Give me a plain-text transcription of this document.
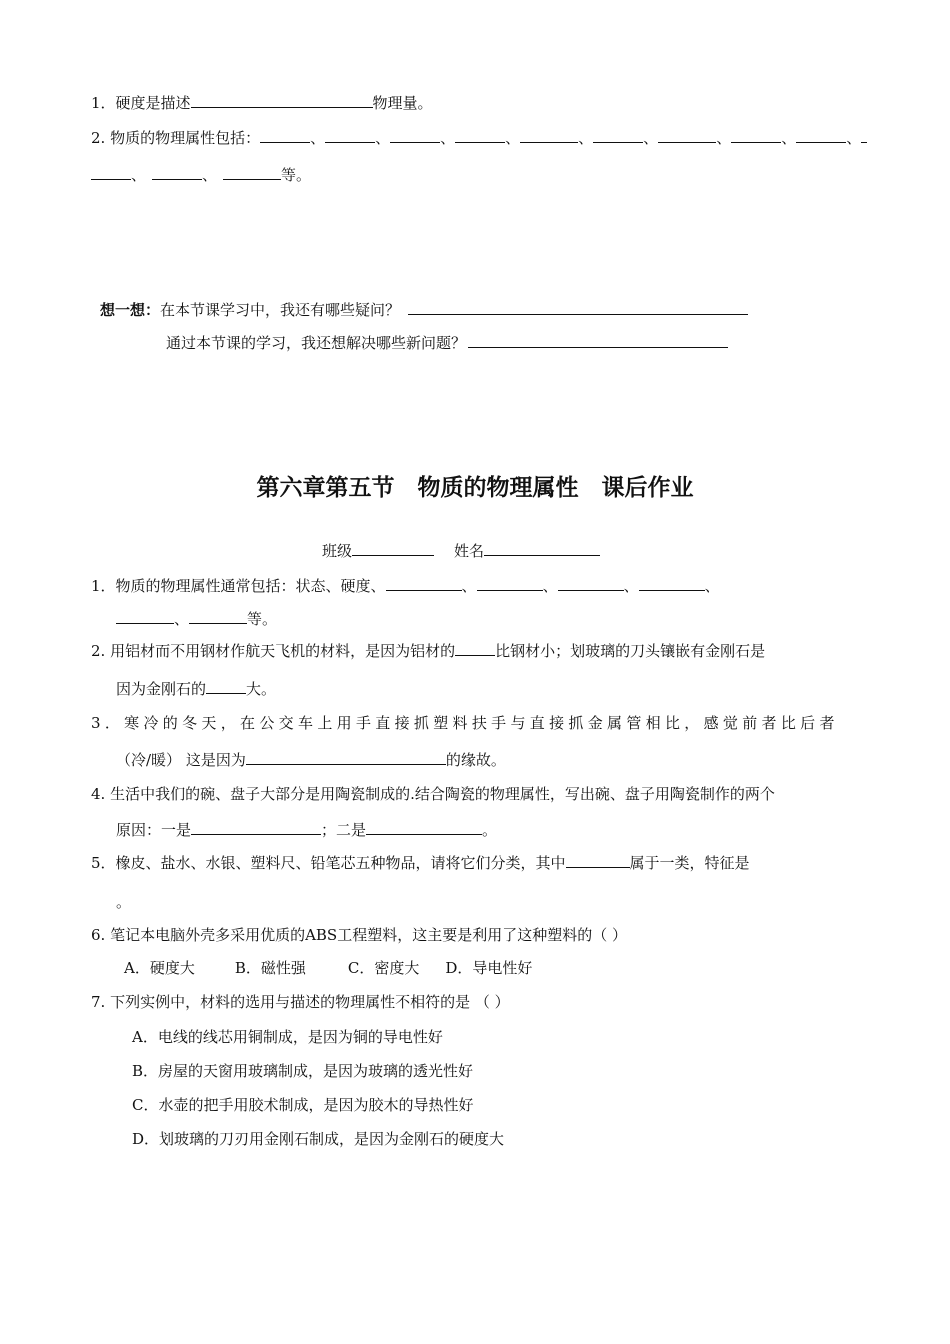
1．硬度是描述	物理量。
2. 物质的物理属性包括：	、	、	、	、	、	、	、	、	、
、	、	等。
想一想：在本节课学习中，我还有哪些疑问？
通过本节课的学习，我还想解决哪些新问题？
第六章第五节　物质的物理属性　课后作业
班级	姓名
1．物质的物理属性通常包括：状态、硬度、	、	、	、	、
、	等。
2. 用铝材而不用钢材作航天飞机的材料，是因为铝材的	比钢材小；划玻璃的刀头镶嵌有金刚石是
因为金刚石的	大。
3．寒冷的冬天，在公交车上用手直接抓塑料扶手与直接抓金属管相比，感觉前者比后者
（冷/暖） 这是因为	的缘故。
4. 生活中我们的碗、盘子大部分是用陶瓷制成的.结合陶瓷的物理属性，写出碗、盘子用陶瓷制作的两个
原因：一是	；二是	。
5．橡皮、盐水、水银、塑料尺、铅笔芯五种物品，请将它们分类，其中	属于一类，特征是
。
6. 笔记本电脑外壳多采用优质的ABS工程塑料，这主要是利用了这种塑料的（ ）
A．硬度大	B．磁性强	C．密度大 D．导电性好
7. 下列实例中，材料的选用与描述的物理属性不相符的是 （ ）
A．电线的线芯用铜制成，是因为铜的导电性好
B．房屋的天窗用玻璃制成，是因为玻璃的透光性好
C．水壶的把手用胶术制成，是因为胶木的导热性好
D．划玻璃的刀刃用金刚石制成，是因为金刚石的硬度大
